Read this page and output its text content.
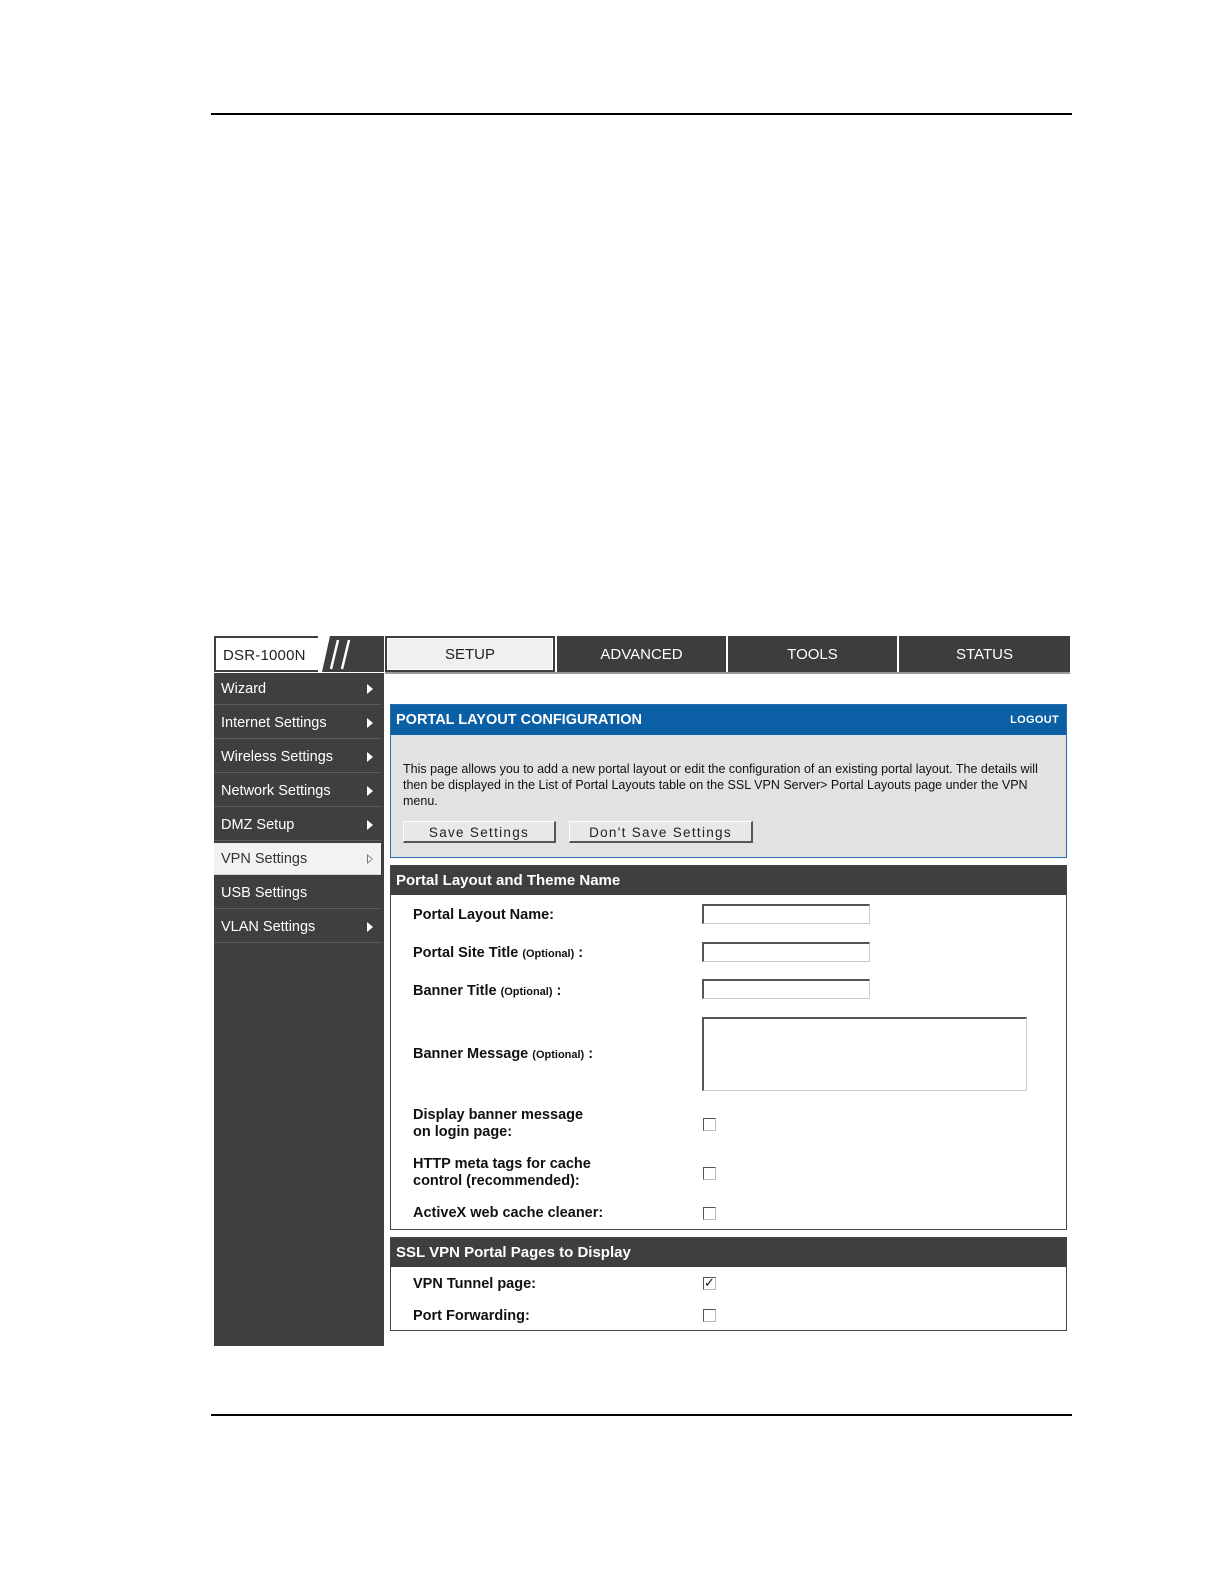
DSR-1000N	SETUP	ADVANCED	TOOLS	STATUS
Wizard
Internet Settings
Wireless Settings
Network Settings
DMZ Setup
VPN Settings
USB Settings
VLAN Settings
PORTAL LAYOUT CONFIGURATION	LOGOUT
This page allows you to add a new portal layout or edit the configuration of an existing portal layout. The details will then be displayed in the List of Portal Layouts table on the SSL VPN Server> Portal Layouts page under the VPN menu.
Save Settings	Don't Save Settings
Portal Layout and Theme Name
Portal Layout Name:
Portal Site Title (Optional) :
Banner Title (Optional) :
Banner Message (Optional) :
Display banner message
on login page:
HTTP meta tags for cache
control (recommended):
ActiveX web cache cleaner:
SSL VPN Portal Pages to Display
VPN Tunnel page:	✓
Port Forwarding:
